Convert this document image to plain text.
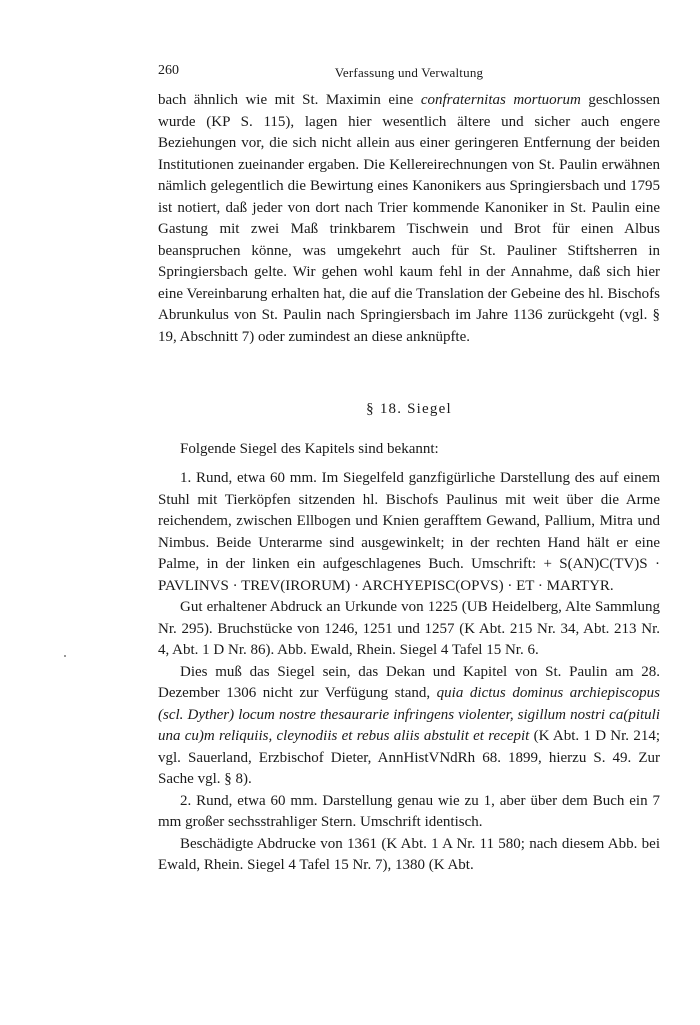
260	Verfassung und Verwaltung

bach ähnlich wie mit St. Maximin eine confraternitas mortuorum geschlossen wurde (KP S. 115), lagen hier wesentlich ältere und sicher auch engere Beziehungen vor, die sich nicht allein aus einer geringeren Entfernung der beiden Institutionen zueinander ergaben. Die Kellereirechnungen von St. Paulin erwähnen nämlich gelegentlich die Bewirtung eines Kanonikers aus Springiersbach und 1795 ist notiert, daß jeder von dort nach Trier kommende Kanoniker in St. Paulin eine Gastung mit zwei Maß trinkbarem Tischwein und Brot für einen Albus beanspruchen könne, was umgekehrt auch für St. Pauliner Stiftsherren in Springiersbach gelte. Wir gehen wohl kaum fehl in der Annahme, daß sich hier eine Vereinbarung erhalten hat, die auf die Translation der Gebeine des hl. Bischofs Abrunkulus von St. Paulin nach Springiersbach im Jahre 1136 zurückgeht (vgl. § 19, Abschnitt 7) oder zumindest an diese anknüpfte.

§ 18. Siegel

Folgende Siegel des Kapitels sind bekannt:

1. Rund, etwa 60 mm. Im Siegelfeld ganzfigürliche Darstellung des auf einem Stuhl mit Tierköpfen sitzenden hl. Bischofs Paulinus mit weit über die Arme reichendem, zwischen Ellbogen und Knien gerafftem Gewand, Pallium, Mitra und Nimbus. Beide Unterarme sind ausgewinkelt; in der rechten Hand hält er eine Palme, in der linken ein aufgeschlagenes Buch. Umschrift: + S(AN)C(TV)S · PAVLINVS · TREV(IRORUM) · ARCHYEPISC(OPVS) · ET · MARTYR.

Gut erhaltener Abdruck an Urkunde von 1225 (UB Heidelberg, Alte Sammlung Nr. 295). Bruchstücke von 1246, 1251 und 1257 (K Abt. 215 Nr. 34, Abt. 213 Nr. 4, Abt. 1 D Nr. 86). Abb. Ewald, Rhein. Siegel 4 Tafel 15 Nr. 6.

Dies muß das Siegel sein, das Dekan und Kapitel von St. Paulin am 28. Dezember 1306 nicht zur Verfügung stand, quia dictus dominus archiepiscopus (scl. Dyther) locum nostre thesaurarie infringens violenter, sigillum nostri ca(pituli una cu)m reliquiis, cleynodiis et rebus aliis abstulit et recepit (K Abt. 1 D Nr. 214; vgl. Sauerland, Erzbischof Dieter, AnnHistVNdRh 68. 1899, hierzu S. 49. Zur Sache vgl. § 8).

2. Rund, etwa 60 mm. Darstellung genau wie zu 1, aber über dem Buch ein 7 mm großer sechsstrahliger Stern. Umschrift identisch.

Beschädigte Abdrucke von 1361 (K Abt. 1 A Nr. 11 580; nach diesem Abb. bei Ewald, Rhein. Siegel 4 Tafel 15 Nr. 7), 1380 (K Abt.
